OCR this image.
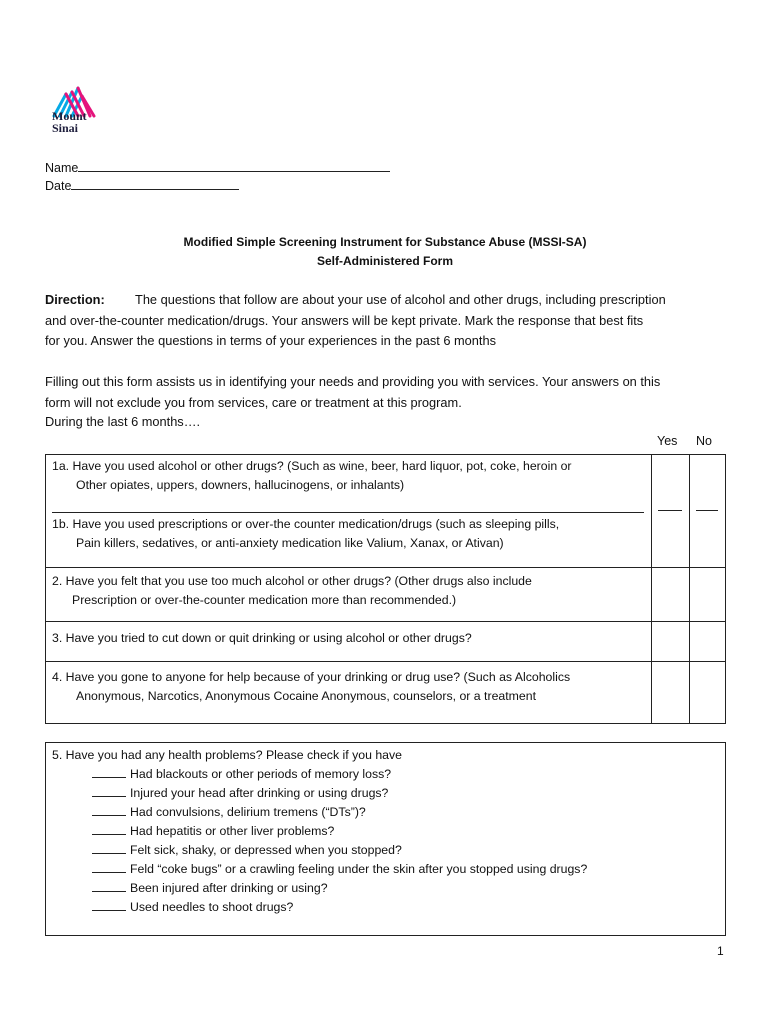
Mount
Sinai
Name
Date
Modified Simple Screening Instrument for Substance Abuse (MSSI-SA)
Self-Administered Form
Direction: The questions that follow are about your use of alcohol and other drugs, including prescription
and over-the-counter medication/drugs. Your answers will be kept private. Mark the response that best fits
for you. Answer the questions in terms of your experiences in the past 6 months
Filling out this form assists us in identifying your needs and providing you with services. Your answers on this
form will not exclude you from services, care or treatment at this program.
During the last 6 months….
Yes No
1a. Have you used alcohol or other drugs? (Such as wine, beer, hard liquor, pot, coke, heroin or
Other opiates, uppers, downers, hallucinogens, or inhalants)
1b. Have you used prescriptions or over-the counter medication/drugs (such as sleeping pills,
Pain killers, sedatives, or anti-anxiety medication like Valium, Xanax, or Ativan)
2. Have you felt that you use too much alcohol or other drugs? (Other drugs also include
Prescription or over-the-counter medication more than recommended.)
3. Have you tried to cut down or quit drinking or using alcohol or other drugs?
4. Have you gone to anyone for help because of your drinking or drug use? (Such as Alcoholics
Anonymous, Narcotics, Anonymous Cocaine Anonymous, counselors, or a treatment
5. Have you had any health problems? Please check if you have
Had blackouts or other periods of memory loss?
Injured your head after drinking or using drugs?
Had convulsions, delirium tremens (“DTs”)?
Had hepatitis or other liver problems?
Felt sick, shaky, or depressed when you stopped?
Feld “coke bugs” or a crawling feeling under the skin after you stopped using drugs?
Been injured after drinking or using?
Used needles to shoot drugs?
1
